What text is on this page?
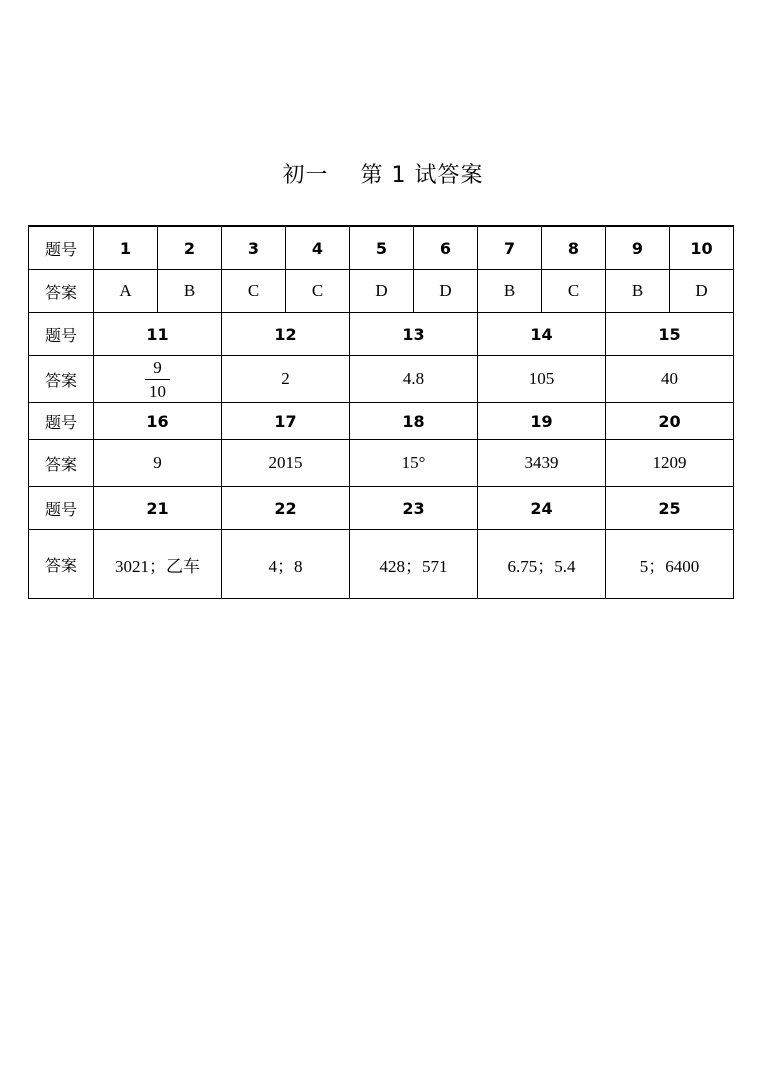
初一    第 1 试答案
题号	1	2	3	4	5	6	7	8	9	10
答案	A	B	C	C	D	D	B	C	B	D
题号	11		12		13		14		15	
答案	$\frac{9}{10}$		2		4.8		105		40	
题号	16		17		18		19		20	
答案	9		2015		15°		3439		1209	
题号	21		22		23		24		25	
答案	3021；乙车		4；8		428；571		6.75；5.4		5；6400	
